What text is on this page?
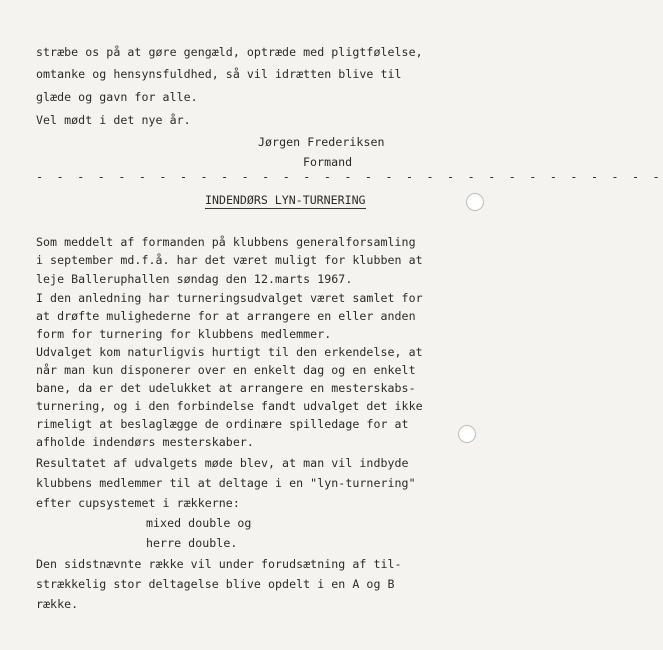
stræbe os på at gøre gengæld, optræde med pligtfølelse,
omtanke og hensynsfuldhed, så vil idrætten blive til
glæde og gavn for alle.
Vel mødt i det nye år.
Jørgen Frederiksen
Formand
- - - - - - - - - - - - - - - - - - - - - - - - - - - - - - -
INDENDØRS LYN-TURNERING
Som meddelt af formanden på klubbens generalforsamling
i september md.f.å. har det været muligt for klubben at
leje Balleruphallen søndag den 12.marts 1967.
I den anledning har turneringsudvalget været samlet for
at drøfte mulighederne for at arrangere en eller anden
form for turnering for klubbens medlemmer.
Udvalget kom naturligvis hurtigt til den erkendelse, at
når man kun disponerer over en enkelt dag og en enkelt
bane, da er det udelukket at arrangere en mesterskabs-
turnering, og i den forbindelse fandt udvalget det ikke
rimeligt at beslaglægge de ordinære spilledage for at
afholde indendørs mesterskaber.
Resultatet af udvalgets møde blev, at man vil indbyde
klubbens medlemmer til at deltage i en "lyn-turnering"
efter cupsystemet i rækkerne:
mixed double og
herre double.
Den sidstnævnte række vil under forudsætning af til-
strækkelig stor deltagelse blive opdelt i en A og B
række.
